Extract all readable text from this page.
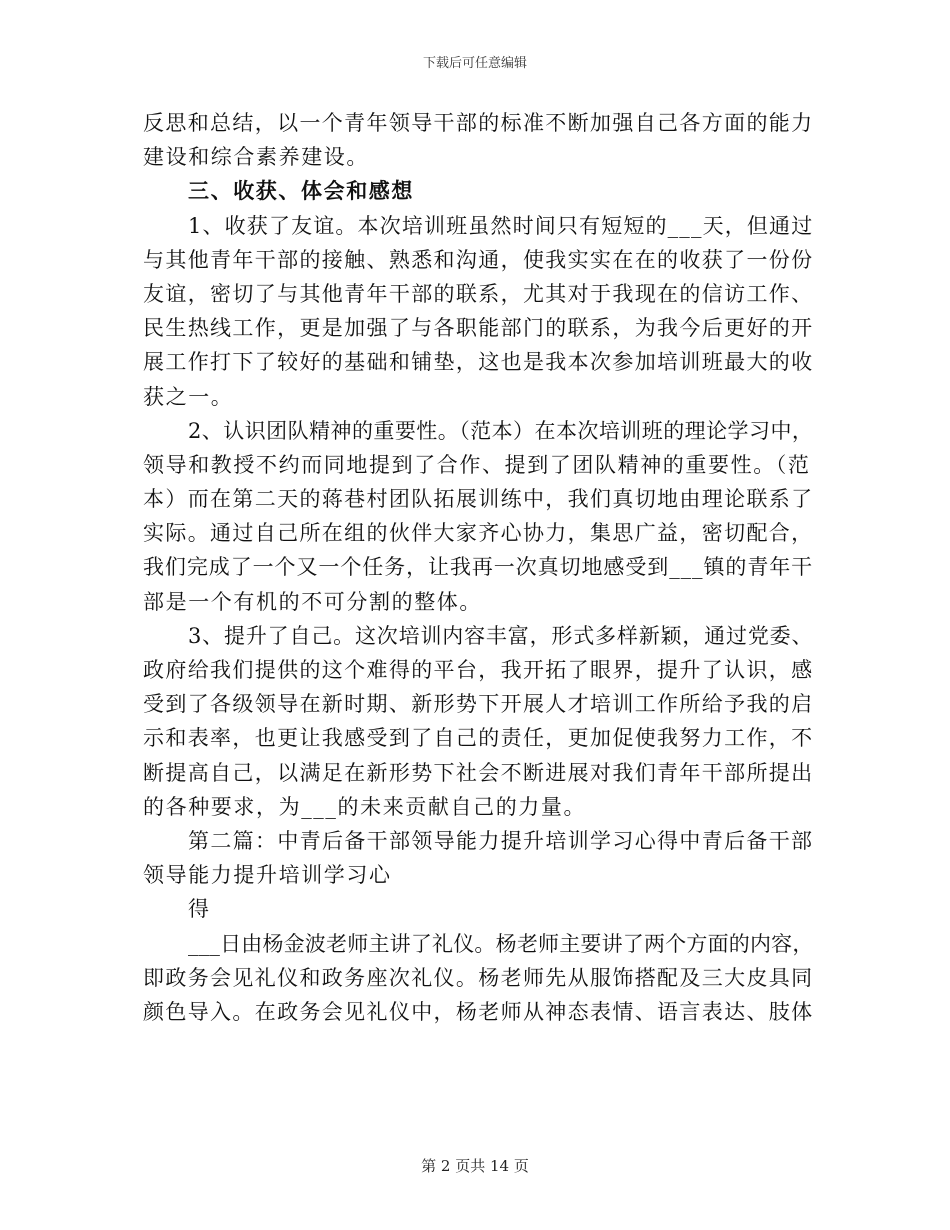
下载后可任意编辑
反思和总结，以一个青年领导干部的标准不断加强自己各方面的能力
建设和综合素养建设。
三、收获、体会和感想
1、收获了友谊。本次培训班虽然时间只有短短的___天，但通过
与其他青年干部的接触、熟悉和沟通，使我实实在在的收获了一份份
友谊，密切了与其他青年干部的联系，尤其对于我现在的信访工作、
民生热线工作，更是加强了与各职能部门的联系，为我今后更好的开
展工作打下了较好的基础和铺垫，这也是我本次参加培训班最大的收
获之一。
2、认识团队精神的重要性。（范本）在本次培训班的理论学习中，
领导和教授不约而同地提到了合作、提到了团队精神的重要性。（范
本）而在第二天的蒋巷村团队拓展训练中，我们真切地由理论联系了
实际。通过自己所在组的伙伴大家齐心协力，集思广益，密切配合，
我们完成了一个又一个任务，让我再一次真切地感受到___镇的青年干
部是一个有机的不可分割的整体。
3、提升了自己。这次培训内容丰富，形式多样新颖，通过党委、
政府给我们提供的这个难得的平台，我开拓了眼界，提升了认识，感
受到了各级领导在新时期、新形势下开展人才培训工作所给予我的启
示和表率，也更让我感受到了自己的责任，更加促使我努力工作，不
断提高自己，以满足在新形势下社会不断进展对我们青年干部所提出
的各种要求，为___的未来贡献自己的力量。
第二篇：中青后备干部领导能力提升培训学习心得中青后备干部
领导能力提升培训学习心
得
___日由杨金波老师主讲了礼仪。杨老师主要讲了两个方面的内容，
即政务会见礼仪和政务座次礼仪。杨老师先从服饰搭配及三大皮具同
颜色导入。在政务会见礼仪中，杨老师从神态表情、语言表达、肢体
第 2 页共 14 页
